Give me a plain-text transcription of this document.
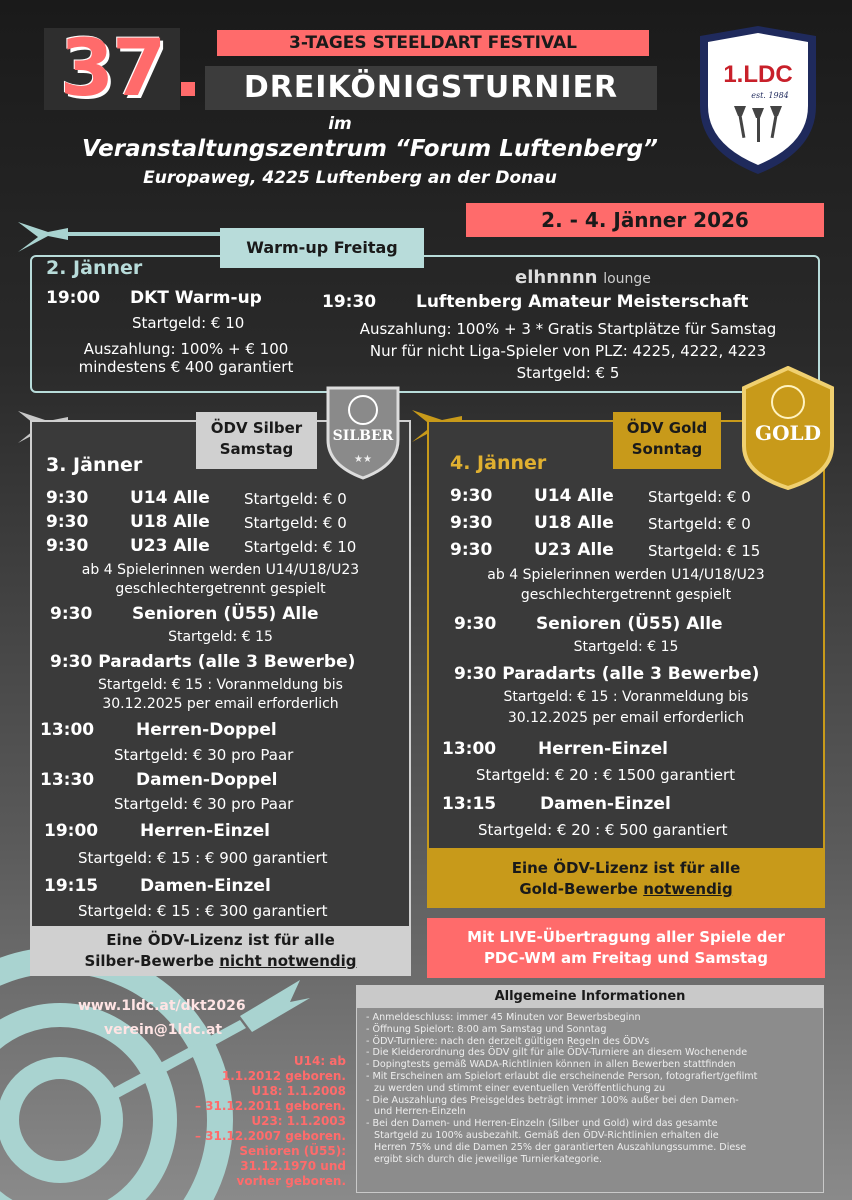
37	3-TAGES STEELDART FESTIVAL
DREIKÖNIGSTURNIER
im
Veranstaltungszentrum “Forum Luftenberg”
Europaweg, 4225 Luftenberg an der Donau
2. - 4. Jänner 2026
1.LDC
est. 1984
Warm-up Freitag
2. Jänner	elhnnnn lounge
19:00 DKT Warm-up
Startgeld: € 10
Auszahlung: 100% + € 100
mindestens € 400 garantiert
19:30 Luftenberg Amateur Meisterschaft
Auszahlung: 100% + 3 * Gratis Startplätze für Samstag
Nur für nicht Liga-Spieler von PLZ: 4225, 4222, 4223
Startgeld: € 5
ÖDV Silber
Samstag
SILBER
★★
3. Jänner
9:30 U14 Alle Startgeld: € 0
9:30 U18 Alle Startgeld: € 0
9:30 U23 Alle Startgeld: € 10
ab 4 Spielerinnen werden U14/U18/U23
geschlechtergetrennt gespielt
9:30 Senioren (Ü55) Alle
Startgeld: € 15
9:30 Paradarts (alle 3 Bewerbe)
Startgeld: € 15 : Voranmeldung bis
30.12.2025 per email erforderlich
13:00 Herren-Doppel
Startgeld: € 30 pro Paar
13:30 Damen-Doppel
Startgeld: € 30 pro Paar
19:00 Herren-Einzel
Startgeld: € 15 : € 900 garantiert
19:15 Damen-Einzel
Startgeld: € 15 : € 300 garantiert
Eine ÖDV-Lizenz ist für alle
Silber-Bewerbe nicht notwendig
ÖDV Gold
Sonntag
GOLD
4. Jänner
9:30 U14 Alle Startgeld: € 0
9:30 U18 Alle Startgeld: € 0
9:30 U23 Alle Startgeld: € 15
ab 4 Spielerinnen werden U14/U18/U23
geschlechtergetrennt gespielt
9:30 Senioren (Ü55) Alle
Startgeld: € 15
9:30 Paradarts (alle 3 Bewerbe)
Startgeld: € 15 : Voranmeldung bis
30.12.2025 per email erforderlich
13:00 Herren-Einzel
Startgeld: € 20 : € 1500 garantiert
13:15	Damen-Einzel
Startgeld: € 20 : € 500 garantiert
Eine ÖDV-Lizenz ist für alle
Gold-Bewerbe notwendig
Mit LIVE-Übertragung aller Spiele der
PDC-WM am Freitag und Samstag
www.1ldc.at/dkt2026
verein@1ldc.at
U14: ab
1.1.2012 geboren.
U18: 1.1.2008
– 31.12.2011 geboren.
U23: 1.1.2003
– 31.12.2007 geboren.
Senioren (Ü55):
31.12.1970 und
vorher geboren.
Allgemeine Informationen
- Anmeldeschluss: immer 45 Minuten vor Bewerbsbeginn
- Öffnung Spielort: 8:00 am Samstag und Sonntag
- ÖDV-Turniere: nach den derzeit gültigen Regeln des ÖDVs
- Die Kleiderordnung des ÖDV gilt für alle ÖDV-Turniere an diesem Wochenende
- Dopingtests gemäß WADA-Richtlinien können in allen Bewerben stattfinden
- Mit Erscheinen am Spielort erlaubt die erscheinende Person, fotografiert/gefilmt
zu werden und stimmt einer eventuellen Veröffentlichung zu
- Die Auszahlung des Preisgeldes beträgt immer 100% außer bei den Damen-
und Herren-Einzeln
- Bei den Damen- und Herren-Einzeln (Silber und Gold) wird das gesamte
Startgeld zu 100% ausbezahlt. Gemäß den ÖDV-Richtlinien erhalten die
Herren 75% und die Damen 25% der garantierten Auszahlungssumme. Diese
ergibt sich durch die jeweilige Turnierkategorie.
